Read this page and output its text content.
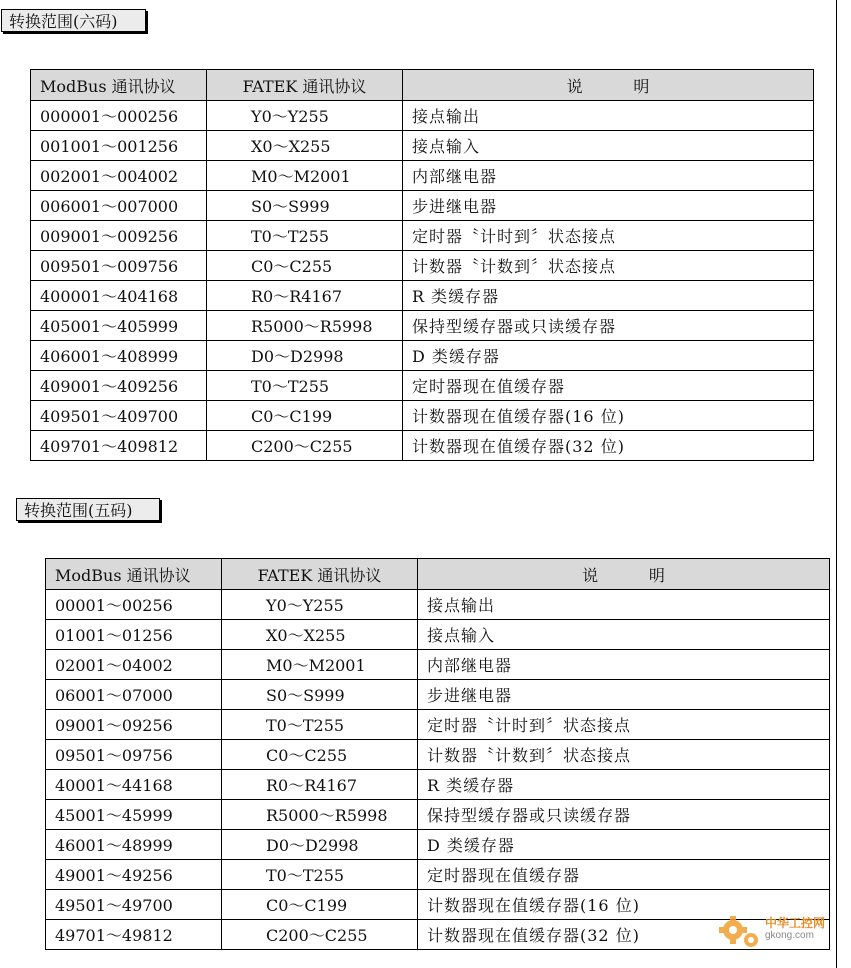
转换范围(六码)
ModBus 通讯协议	FATEK 通讯协议	说          明
000001～000256	Y0～Y255	接点输出
001001～001256	X0～X255	接点输入
002001～004002	M0～M2001	内部继电器
006001～007000	S0～S999	步进继电器
009001～009256	T0～T255	定时器〝计时到〞状态接点
009501～009756	C0～C255	计数器〝计数到〞状态接点
400001～404168	R0～R4167	R 类缓存器
405001～405999	R5000～R5998	保持型缓存器或只读缓存器
406001～408999	D0～D2998	D 类缓存器
409001～409256	T0～T255	定时器现在值缓存器
409501～409700	C0～C199	计数器现在值缓存器(16 位)
409701～409812	C200～C255	计数器现在值缓存器(32 位)
转换范围(五码)
ModBus 通讯协议	FATEK 通讯协议	说          明
00001～00256	Y0～Y255	接点输出
01001～01256	X0～X255	接点输入
02001～04002	M0～M2001	内部继电器
06001～07000	S0～S999	步进继电器
09001～09256	T0～T255	定时器〝计时到〞状态接点
09501～09756	C0～C255	计数器〝计数到〞状态接点
40001～44168	R0～R4167	R 类缓存器
45001～45999	R5000～R5998	保持型缓存器或只读缓存器
46001～48999	D0～D2998	D 类缓存器
49001～49256	T0～T255	定时器现在值缓存器
49501～49700	C0～C199	计数器现在值缓存器(16 位)
49701～49812	C200～C255	计数器现在值缓存器(32 位)
中华工控网
gkong.com
